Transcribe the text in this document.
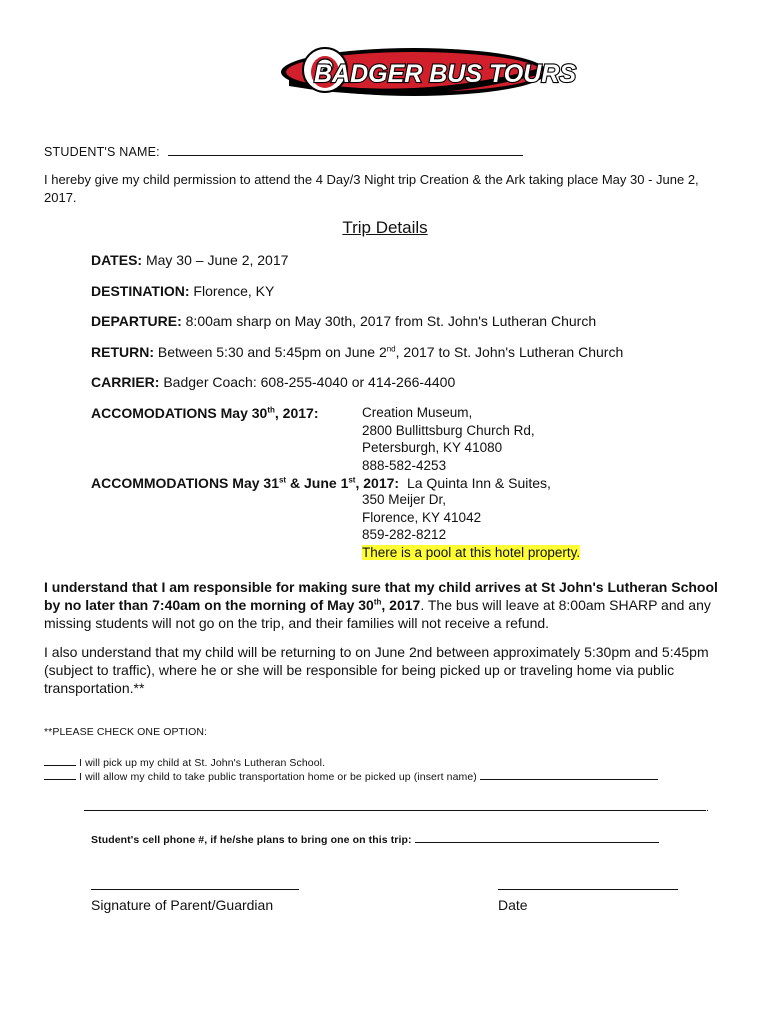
BADGER BUS TOURS
STUDENT'S NAME:
I hereby give my child permission to attend the 4 Day/3 Night trip Creation & the Ark taking place May 30 - June 2, 2017.
Trip Details
DATES: May 30 – June 2, 2017
DESTINATION: Florence, KY
DEPARTURE: 8:00am sharp on May 30th, 2017 from St. John's Lutheran Church
RETURN: Between 5:30 and 5:45pm on June 2nd, 2017 to St. John's Lutheran Church
CARRIER: Badger Coach: 608-255-4040 or 414-266-4400
ACCOMODATIONS May 30th, 2017:	Creation Museum,
2800 Bullittsburg Church Rd,
Petersburgh, KY 41080
888-582-4253
ACCOMMODATIONS May 31st & June 1st, 2017: La Quinta Inn & Suites,
350 Meijer Dr,
Florence, KY 41042
859-282-8212
There is a pool at this hotel property.
I understand that I am responsible for making sure that my child arrives at St John's Lutheran School by no later than 7:40am on the morning of May 30th, 2017. The bus will leave at 8:00am SHARP and any missing students will not go on the trip, and their families will not receive a refund.
I also understand that my child will be returning to on June 2nd between approximately 5:30pm and 5:45pm (subject to traffic), where he or she will be responsible for being picked up or traveling home via public transportation.**
**PLEASE CHECK ONE OPTION:
I will pick up my child at St. John's Lutheran School.
I will allow my child to take public transportation home or be picked up (insert name)
.
Student's cell phone #, if he/she plans to bring one on this trip:
Signature of Parent/Guardian	Date
